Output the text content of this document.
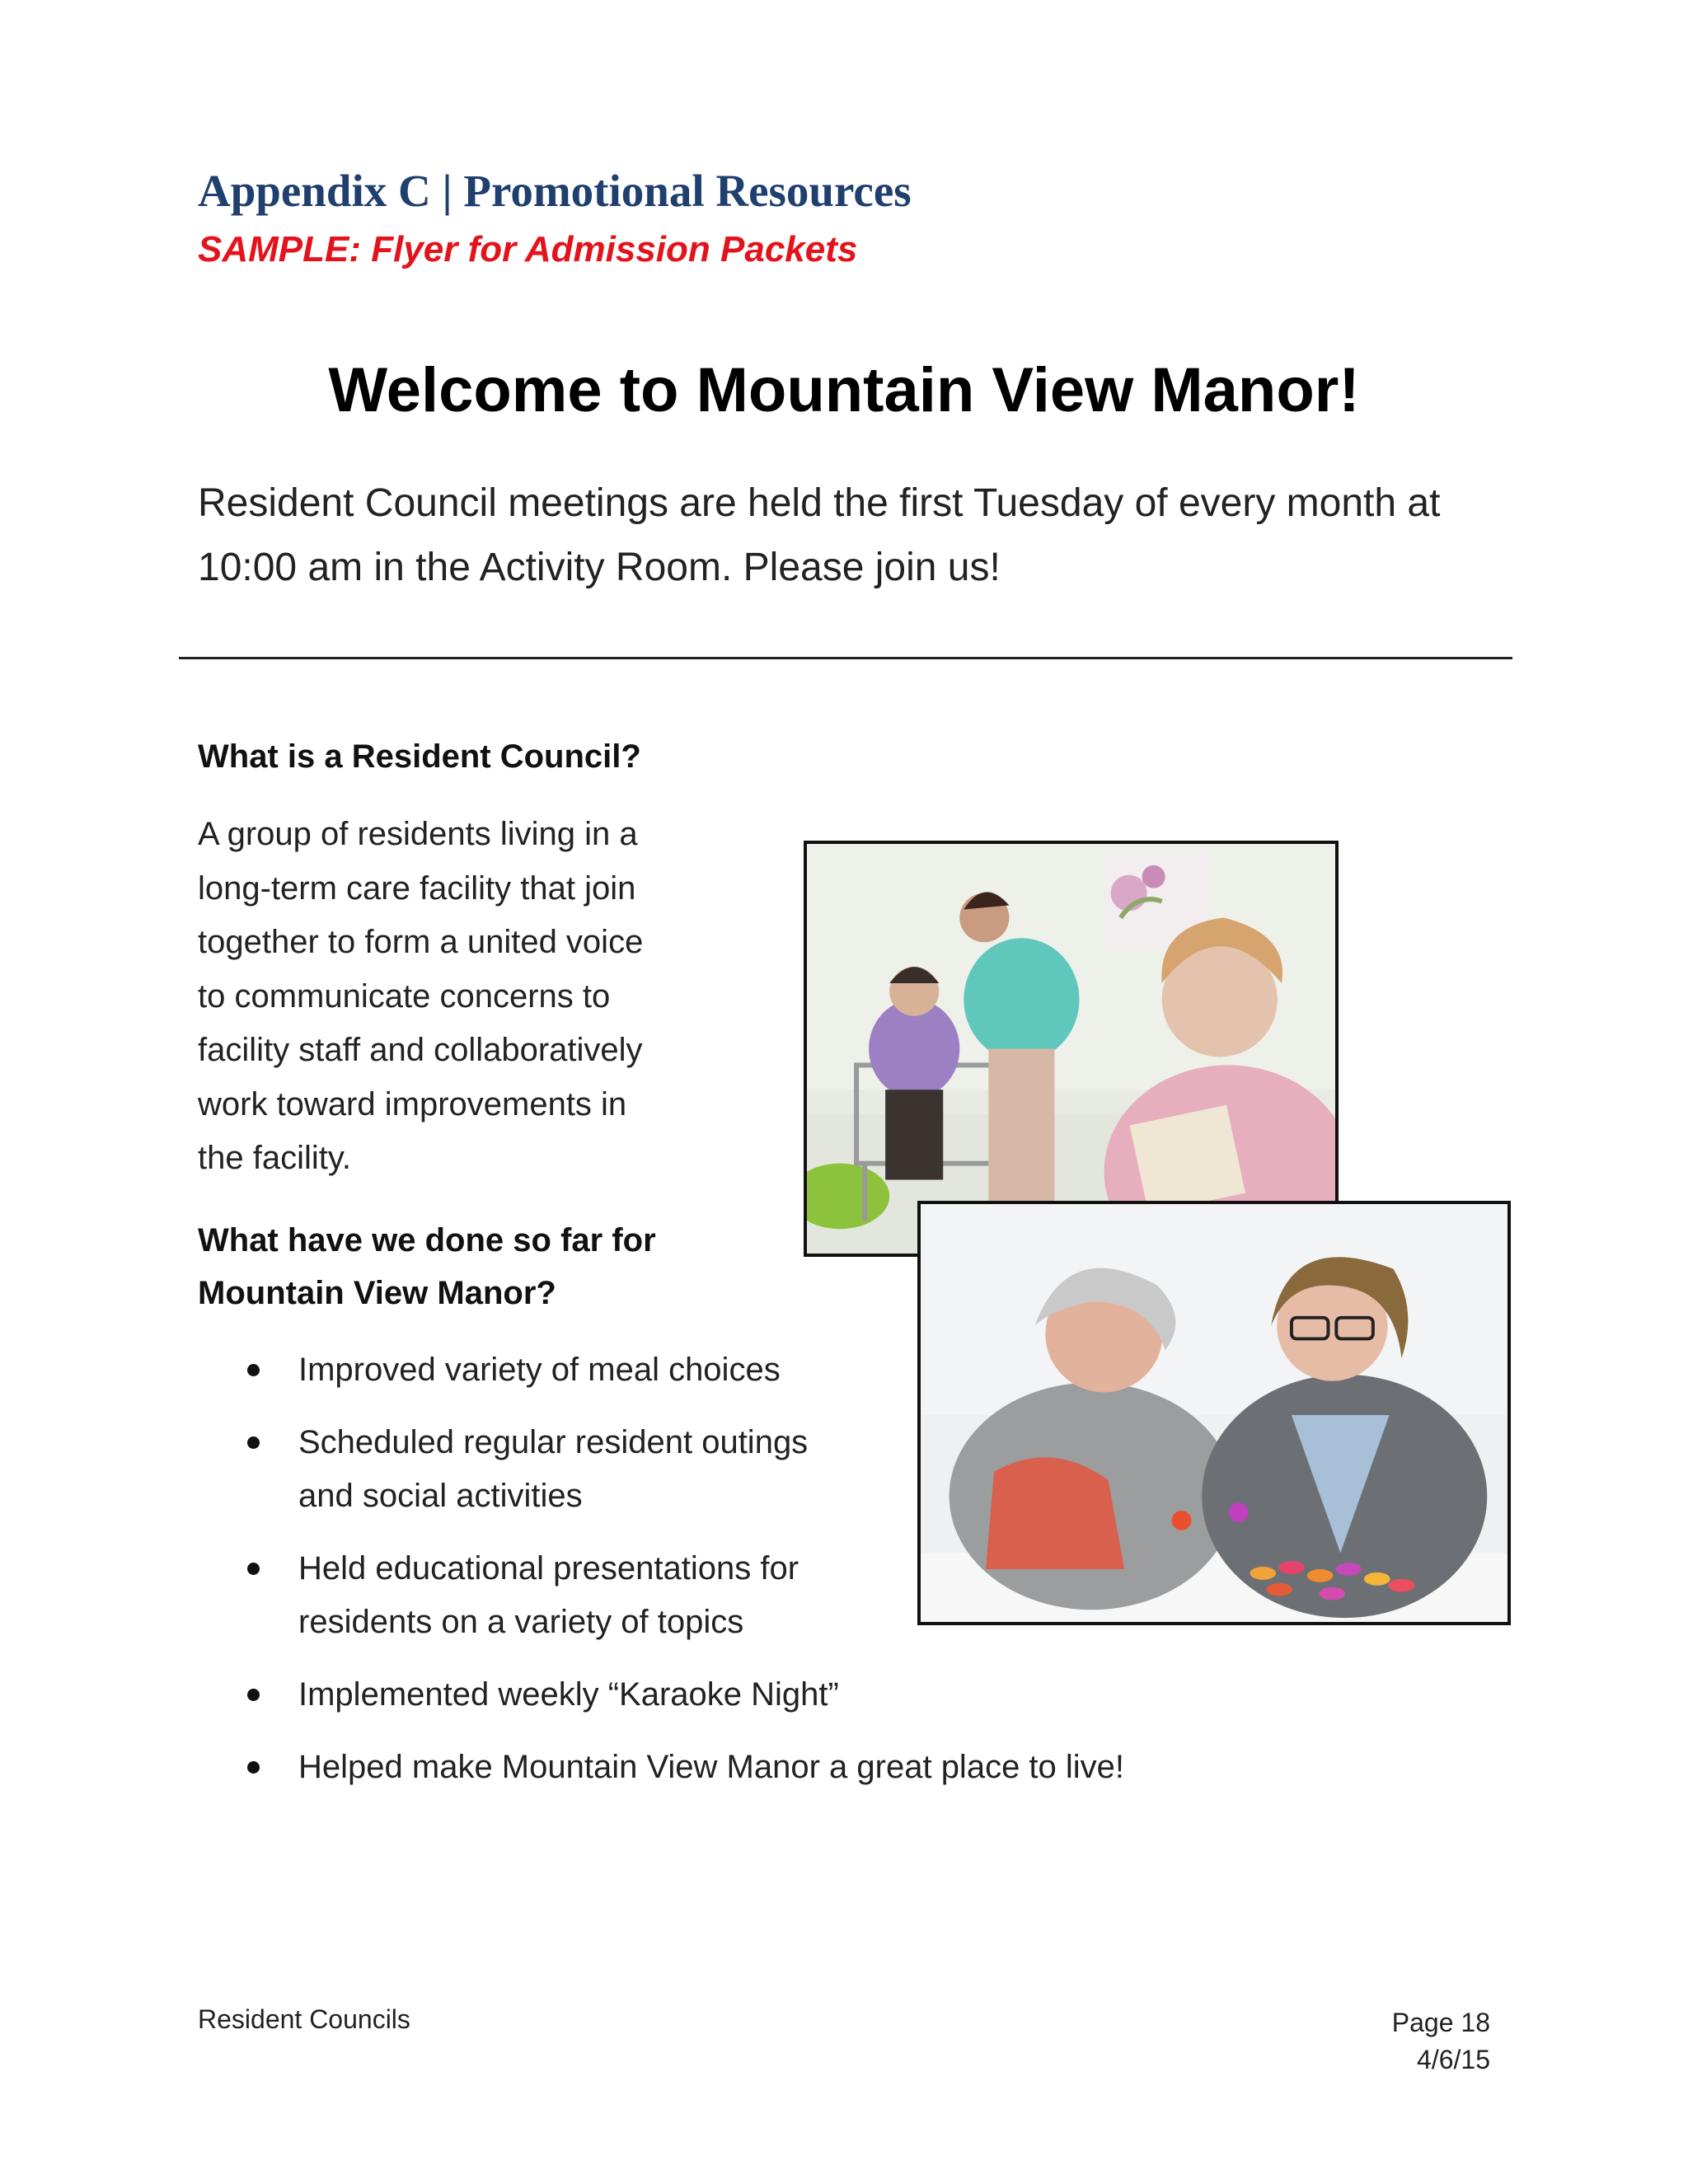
Appendix C | Promotional Resources
SAMPLE: Flyer for Admission Packets
Welcome to Mountain View Manor!
Resident Council meetings are held the first Tuesday of every month at
10:00 am in the Activity Room. Please join us!
What is a Resident Council?
A group of residents living in a
long-term care facility that join
together to form a united voice
to communicate concerns to
facility staff and collaboratively
work toward improvements in
the facility.
What have we done so far for
Mountain View Manor?
Improved variety of meal choices
Scheduled regular resident outings
and social activities
Held educational presentations for
residents on a variety of topics
Implemented weekly “Karaoke Night”
Helped make Mountain View Manor a great place to live!
Resident Councils	Page 18
4/6/15
